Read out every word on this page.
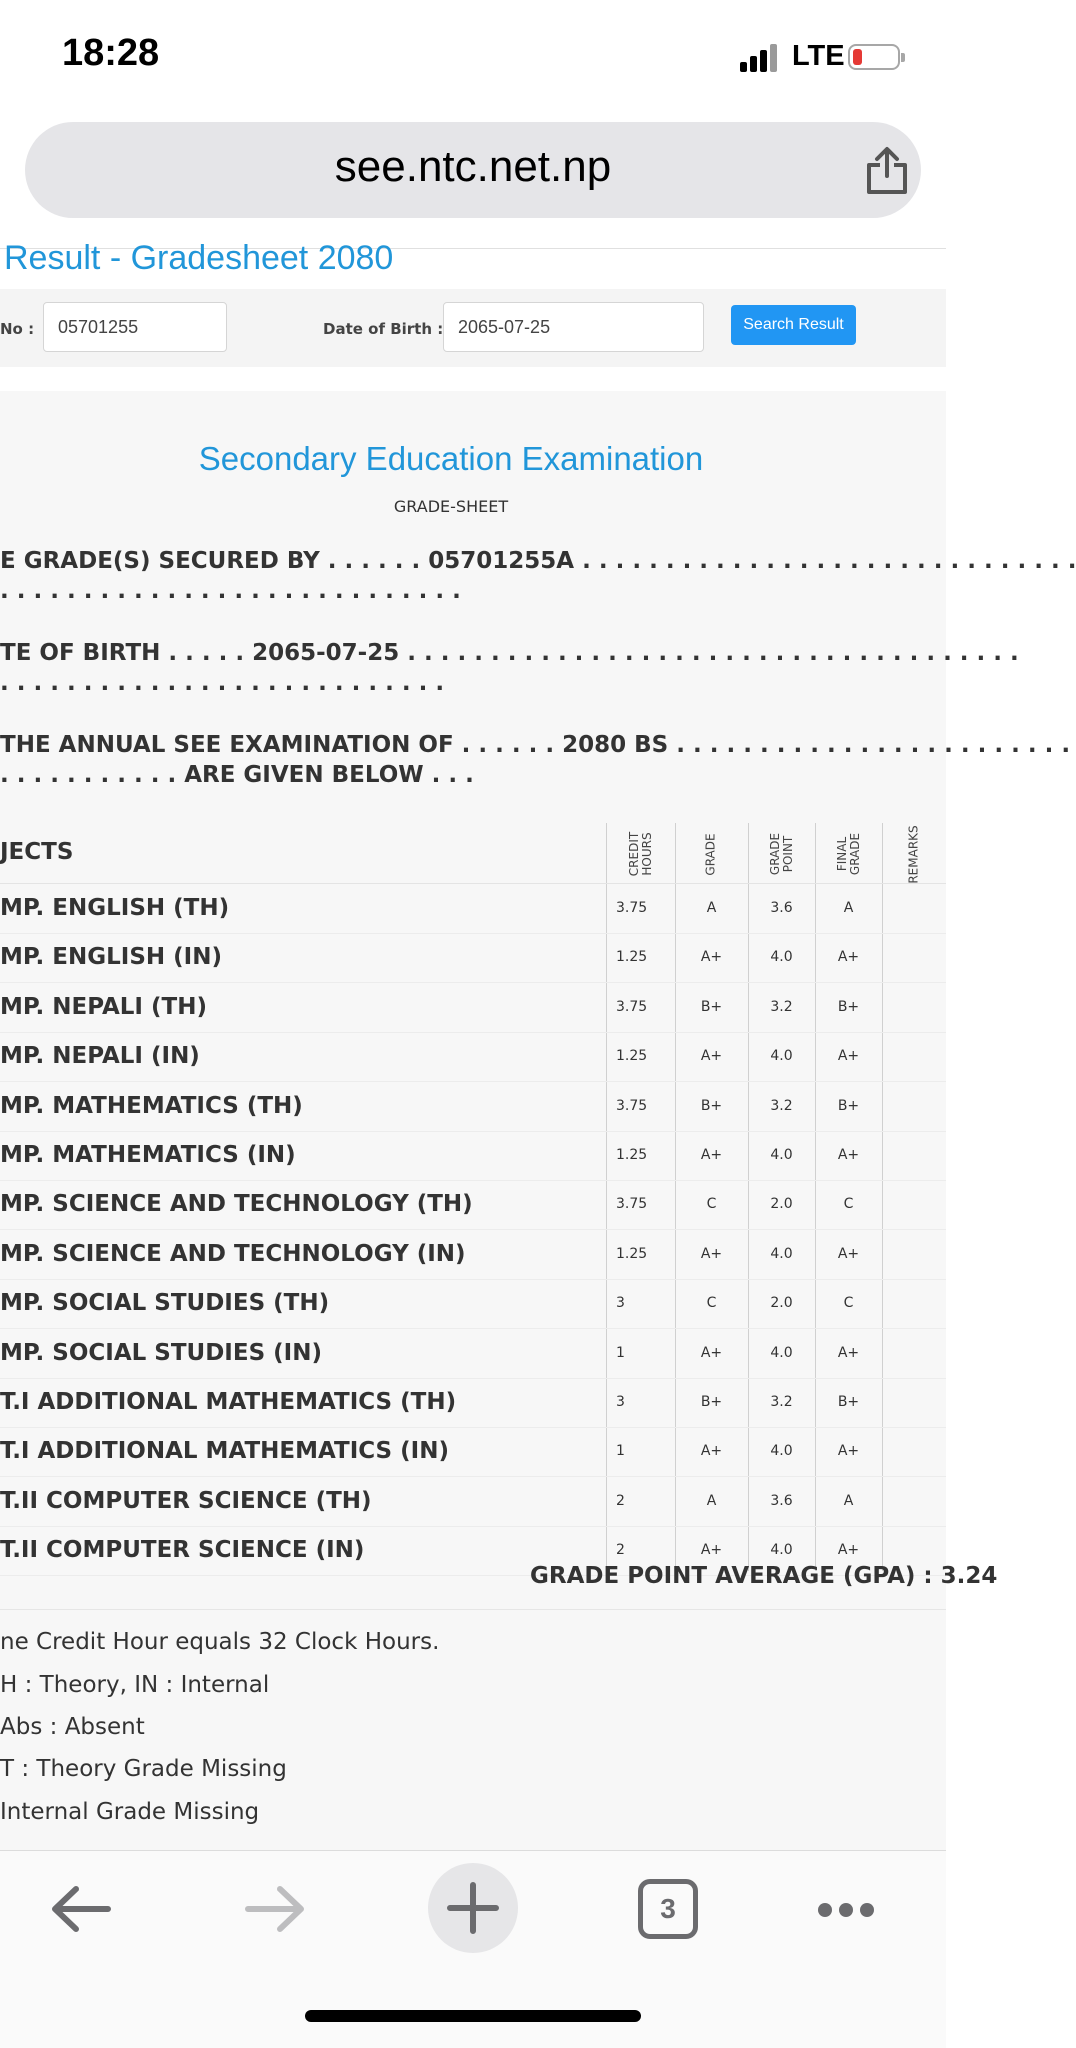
18:28	LTE
see.ntc.net.np
Result - Gradesheet 2080
No :	05701255	Date of Birth : 2065-07-25	Search Result
Secondary Education Examination
GRADE-SHEET
E GRADE(S) SECURED BY . . . . . . 05701255A . . . . . . . . . . . . . . . . . . . . . . . . . . . . . .
. . . . . . . . . . . . . . . . . . . . . . . . . . . .
TE OF BIRTH . . . . . 2065-07-25 . . . . . . . . . . . . . . . . . . . . . . . . . . . . . . . . . . . . .
. . . . . . . . . . . . . . . . . . . . . . . . . . .
THE ANNUAL SEE EXAMINATION OF . . . . . . 2080 BS . . . . . . . . . . . . . . . . . . . . . . . .
. . . . . . . . . . . ARE GIVEN BELOW . . .
JECTS	CREDIT HOURS	GRADE	GRADE POINT	FINAL GRADE	REMARKS
MP. ENGLISH (TH)	3.75	A	3.6	A
MP. ENGLISH (IN)	1.25	A+	4.0	A+
MP. NEPALI (TH)	3.75	B+	3.2	B+
MP. NEPALI (IN)	1.25	A+	4.0	A+
MP. MATHEMATICS (TH)	3.75	B+	3.2	B+
MP. MATHEMATICS (IN)	1.25	A+	4.0	A+
MP. SCIENCE AND TECHNOLOGY (TH)	3.75	C	2.0	C
MP. SCIENCE AND TECHNOLOGY (IN)	1.25	A+	4.0	A+
MP. SOCIAL STUDIES (TH)	3	C	2.0	C
MP. SOCIAL STUDIES (IN)	1	A+	4.0	A+
T.I ADDITIONAL MATHEMATICS (TH)	3	B+	3.2	B+
T.I ADDITIONAL MATHEMATICS (IN)	1	A+	4.0	A+
T.II COMPUTER SCIENCE (TH)	2	A	3.6	A
T.II COMPUTER SCIENCE (IN)	2	A+	4.0	A+
GRADE POINT AVERAGE (GPA) : 3.24
ne Credit Hour equals 32 Clock Hours.
H : Theory, IN : Internal
Abs : Absent
T : Theory Grade Missing
Internal Grade Missing
3
